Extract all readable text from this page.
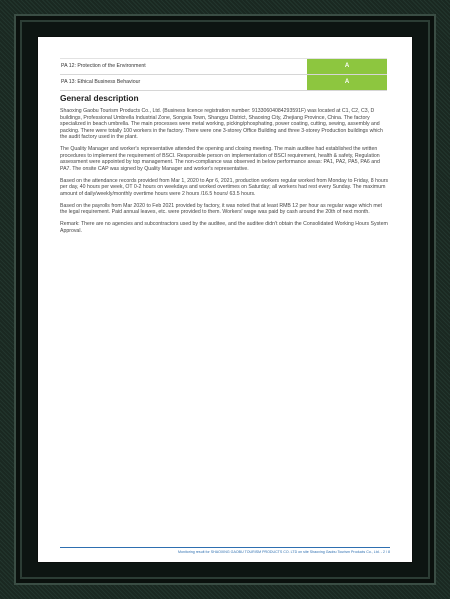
PA 12: Protection of the Environment	A
PA 13: Ethical Business Behaviour	A
General description

Shaoxing Gaobu Tourism Products Co., Ltd. (Business licence registration number: 91330604084293591F) was located at C1, C2, C3, D buildings, Professional Umbrella Industrial Zone, Songxia Town, Shangyu District, Shaoxing City, Zhejiang Province, China. The factory specialized in beach umbrella. The main processes were metal working, picking/phosphating, power coating, cutting, sewing, assembly and packing. There were totally 100 workers in the factory. There were one 3-storey Office Building and three 3-storey Production buildings which the audit factory used in the plant.

The Quality Manager and worker's representative attended the opening and closing meeting. The main auditee had established the written procedures to implement the requirement of BSCI. Responsible person on implementation of BSCI requirement, health & safety, Regulation assessment were appointed by top management. The non-compliance was observed in below performance areas: PA1, PA2, PA5, PA6 and PA7. The onsite CAP was signed by Quality Manager and worker's representative.

Based on the attendance records provided from Mar 1, 2020 to Apr 6, 2021, production workers regular worked from Monday to Friday, 8 hours per day, 40 hours per week, OT 0-2 hours on weekdays and worked overtimes on Saturday; all workers had rest every Sunday. The maximum amount of daily/weekly/monthly overtime hours were 2 hours /16.5 hours/ 63.5 hours.

Based on the payrolls from Mar 2020 to Feb 2021 provided by factory, it was noted that at least RMB 12 per hour as regular wage which met the legal requirement. Paid annual leaves, etc. were provided to them. Workers' wage was paid by cash around the 20th of next month.

Remark: There are no agencies and subcontractors used by the auditee, and the auditee didn't obtain the Consolidated Working Hours System Approval.

Monitoring result for SHAOXING GAOBU TOURISM PRODUCTS CO. LTD on site Shaoxing Gaobu Tourism Products Co., Ltd. - 2 / 8
